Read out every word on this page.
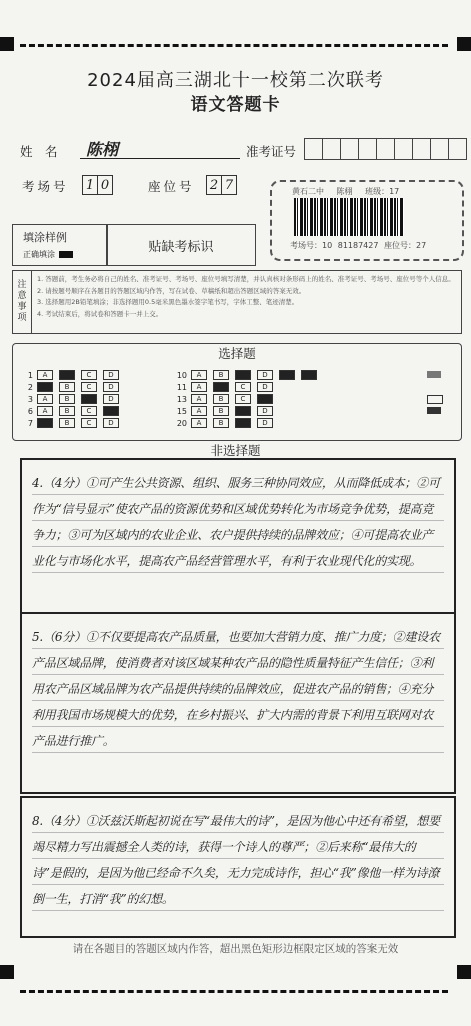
2024届高三湖北十一校第二次联考
语文答题卡
姓　名 陈栩	准考证号
考场号 1 0	座位号 2 7	黄石二中 陈栩 班级：17
考场号：10 81187427 座位号：27
填涂样例
正确填涂	贴缺考标识
注
意
事
项
1. 答题前，考生务必将自己的姓名、准考证号、考场号、座位号填写清楚，并认真核对条形码上的姓名、准考证号、考场号、座位号等个人信息。
2. 请按题号顺序在各题目的答题区域内作答，写在试卷、草稿纸和超出答题区域的答案无效。
3. 选择题用2B铅笔填涂；非选择题用0.5毫米黑色墨水签字笔书写，字体工整、笔迹清楚。
4. 考试结束后，将试卷和答题卡一并上交。
选择题
1	A	B	C	D
2	A	B	C	D
3	A	B	C	D
6	A	B	C	D
7	A	B	C	D
10	A	B	C	D	E	F
11	A	B	C	D
13	A	B	C	D
15	A	B	C	D
20	A	B	C	D
非选择题
4.（4分）①可产生公共资源、组织、服务三种协同效应，从而降低成本；②可作为“信号显示”使农产品的资源优势和区域优势转化为市场竞争优势，提高竞争力；③可为区域内的农业企业、农户提供持续的品牌效应；④可提高农业产业化与市场化水平，提高农产品经营管理水平，有利于农业现代化的实现。
5.（6分）①不仅要提高农产品质量，也要加大营销力度、推广力度；②建设农产品区域品牌，使消费者对该区域某种农产品的隐性质量特征产生信任；③利用农产品区域品牌为农产品提供持续的品牌效应，促进农产品的销售；④充分利用我国市场规模大的优势，在乡村振兴、扩大内需的背景下利用互联网对农产品进行推广。
8.（4分）①沃兹沃斯起初说在写“最伟大的诗”，是因为他心中还有希望，想要竭尽精力写出震撼全人类的诗，获得一个诗人的尊严；②后来称“最伟大的诗”是假的，是因为他已经命不久矣，无力完成诗作，担心“我”像他一样为诗潦倒一生，打消“我”的幻想。
请在各题目的答题区域内作答，超出黑色矩形边框限定区域的答案无效
